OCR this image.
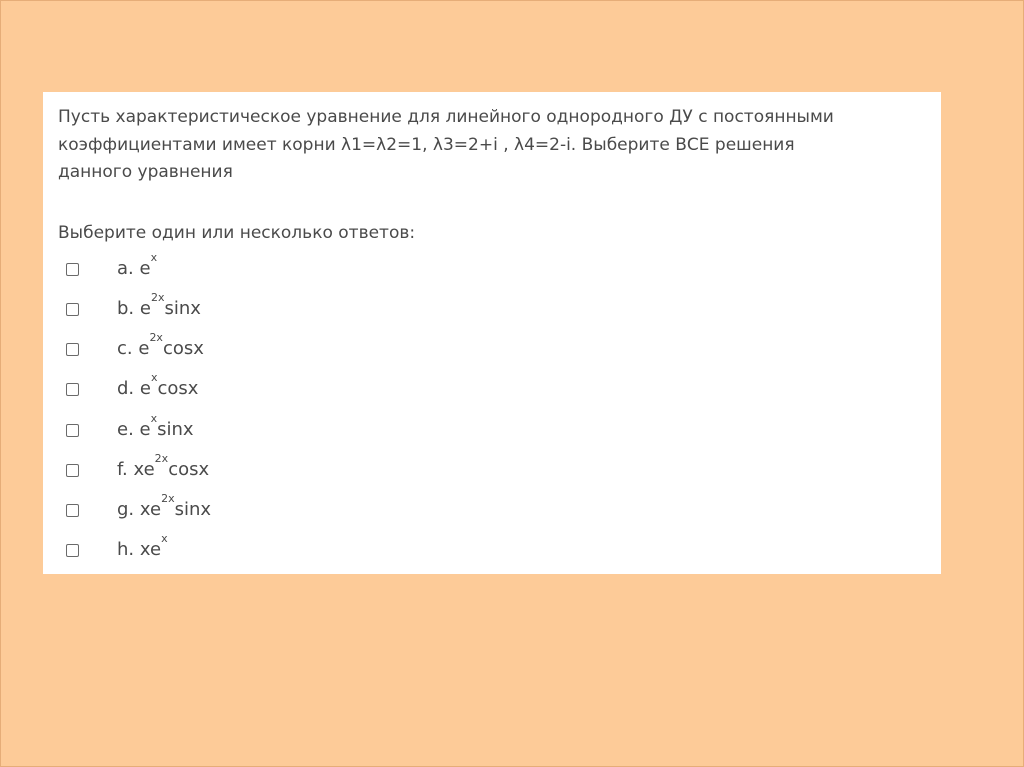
Пусть характеристическое уравнение для линейного однородного ДУ с постоянными
коэффициентами имеет корни λ1=λ2=1, λ3=2+i , λ4=2-i. Выберите ВСЕ решения
данного уравнения

Выберите один или несколько ответов:
a. $e^x$
b. $e^{2x}\sin x$
c. $e^{2x}\cos x$
d. $e^x\cos x$
e. $e^x\sin x$
f. $xe^{2x}\cos x$
g. $xe^{2x}\sin x$
h. $xe^x$
